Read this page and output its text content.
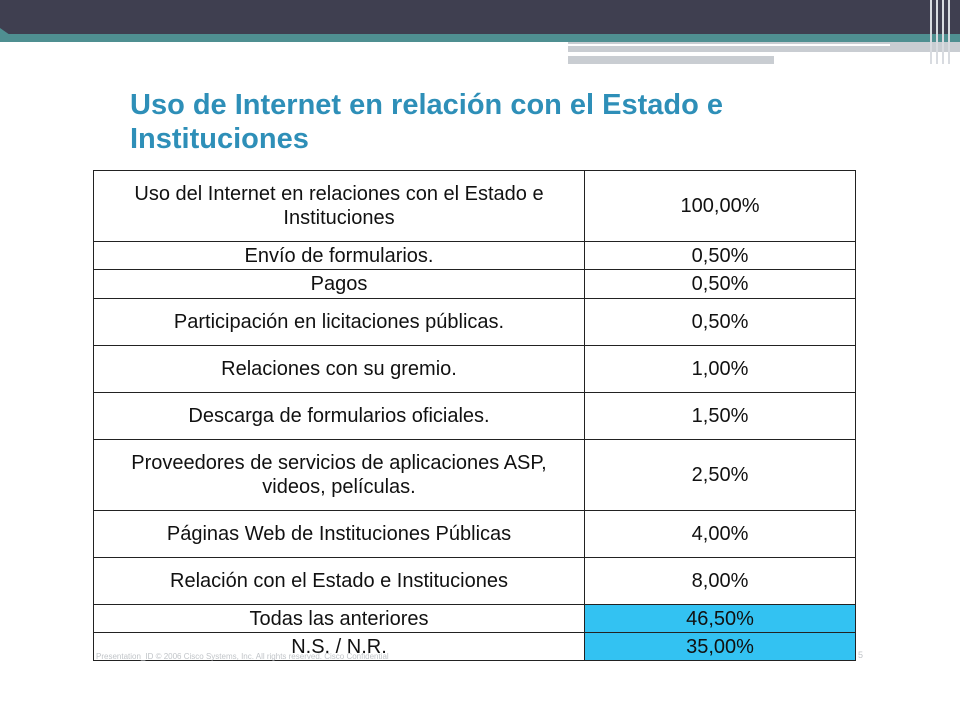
Uso de Internet en relación con el Estado e Instituciones
Uso del Internet en relaciones con el Estado e Instituciones	100,00%
Envío de formularios.	0,50%
Pagos	0,50%
Participación en licitaciones públicas.	0,50%
Relaciones con su gremio.	1,00%
Descarga de formularios oficiales.	1,50%
Proveedores de servicios de aplicaciones ASP, videos, películas.	2,50%
Páginas Web de Instituciones Públicas	4,00%
Relación con el Estado e Instituciones	8,00%
Todas las anteriores	46,50%
N.S. / N.R.	35,00%
Presentation_ID © 2006 Cisco Systems, Inc. All rights reserved. Cisco Confidential	5
